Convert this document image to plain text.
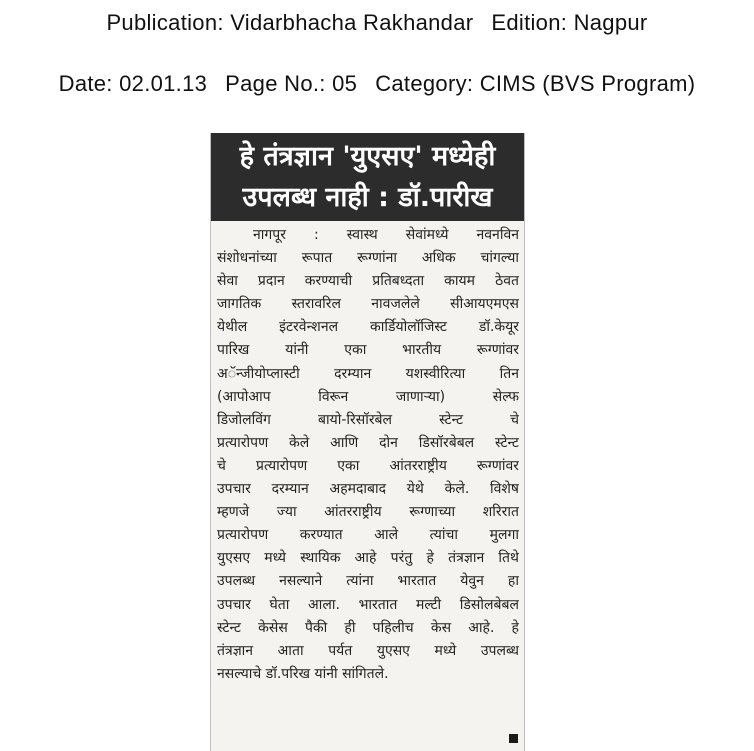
Publication: Vidarbhacha Rakhandar Edition: Nagpur
Date: 02.01.13 Page No.: 05 Category: CIMS (BVS Program)
हे तंत्रज्ञान 'युएसए' मध्येही
उपलब्ध नाही : डॉ.पारीख
नागपूर : स्वास्थ सेवांमध्ये नवनविन
संशोधनांच्या रूपात रूग्णांना अधिक चांगल्या
सेवा प्रदान करण्याची प्रतिबध्दता कायम ठेवत
जागतिक स्तरावरिल नावजलेले सीआयएमएस
येथील इंटरवेन्शनल कार्डियोलॉजिस्ट डॉ.केयूर
पारिख यांनी एका भारतीय रूग्णांवर
अॅन्जीयोप्लास्टी दरम्यान यशस्वीरित्या तिन
(आपोआप विरून जाणाऱ्या) सेल्फ
डिजोलविंग बायो-रिसॉरबेल स्टेन्ट चे
प्रत्यारोपण केले आणि दोन डिसॉरबेबल स्टेन्ट
चे प्रत्यारोपण एका आंतरराष्ट्रीय रूग्णांवर
उपचार दरम्यान अहमदाबाद येथे केले. विशेष
म्हणजे ज्या आंतरराष्ट्रीय रूग्णाच्या शरिरात
प्रत्यारोपण करण्यात आले त्यांचा मुलगा
युएसए मध्ये स्थायिक आहे परंतु हे तंत्रज्ञान तिथे
उपलब्ध नसल्याने त्यांना भारतात येवुन हा
उपचार घेता आला. भारतात मल्टी डिसोलबेबल
स्टेन्ट केसेस पैकी ही पहिलीच केस आहे. हे
तंत्रज्ञान आता पर्यत युएसए मध्ये उपलब्ध
नसल्याचे डॉ.परिख यांनी सांगितले.
